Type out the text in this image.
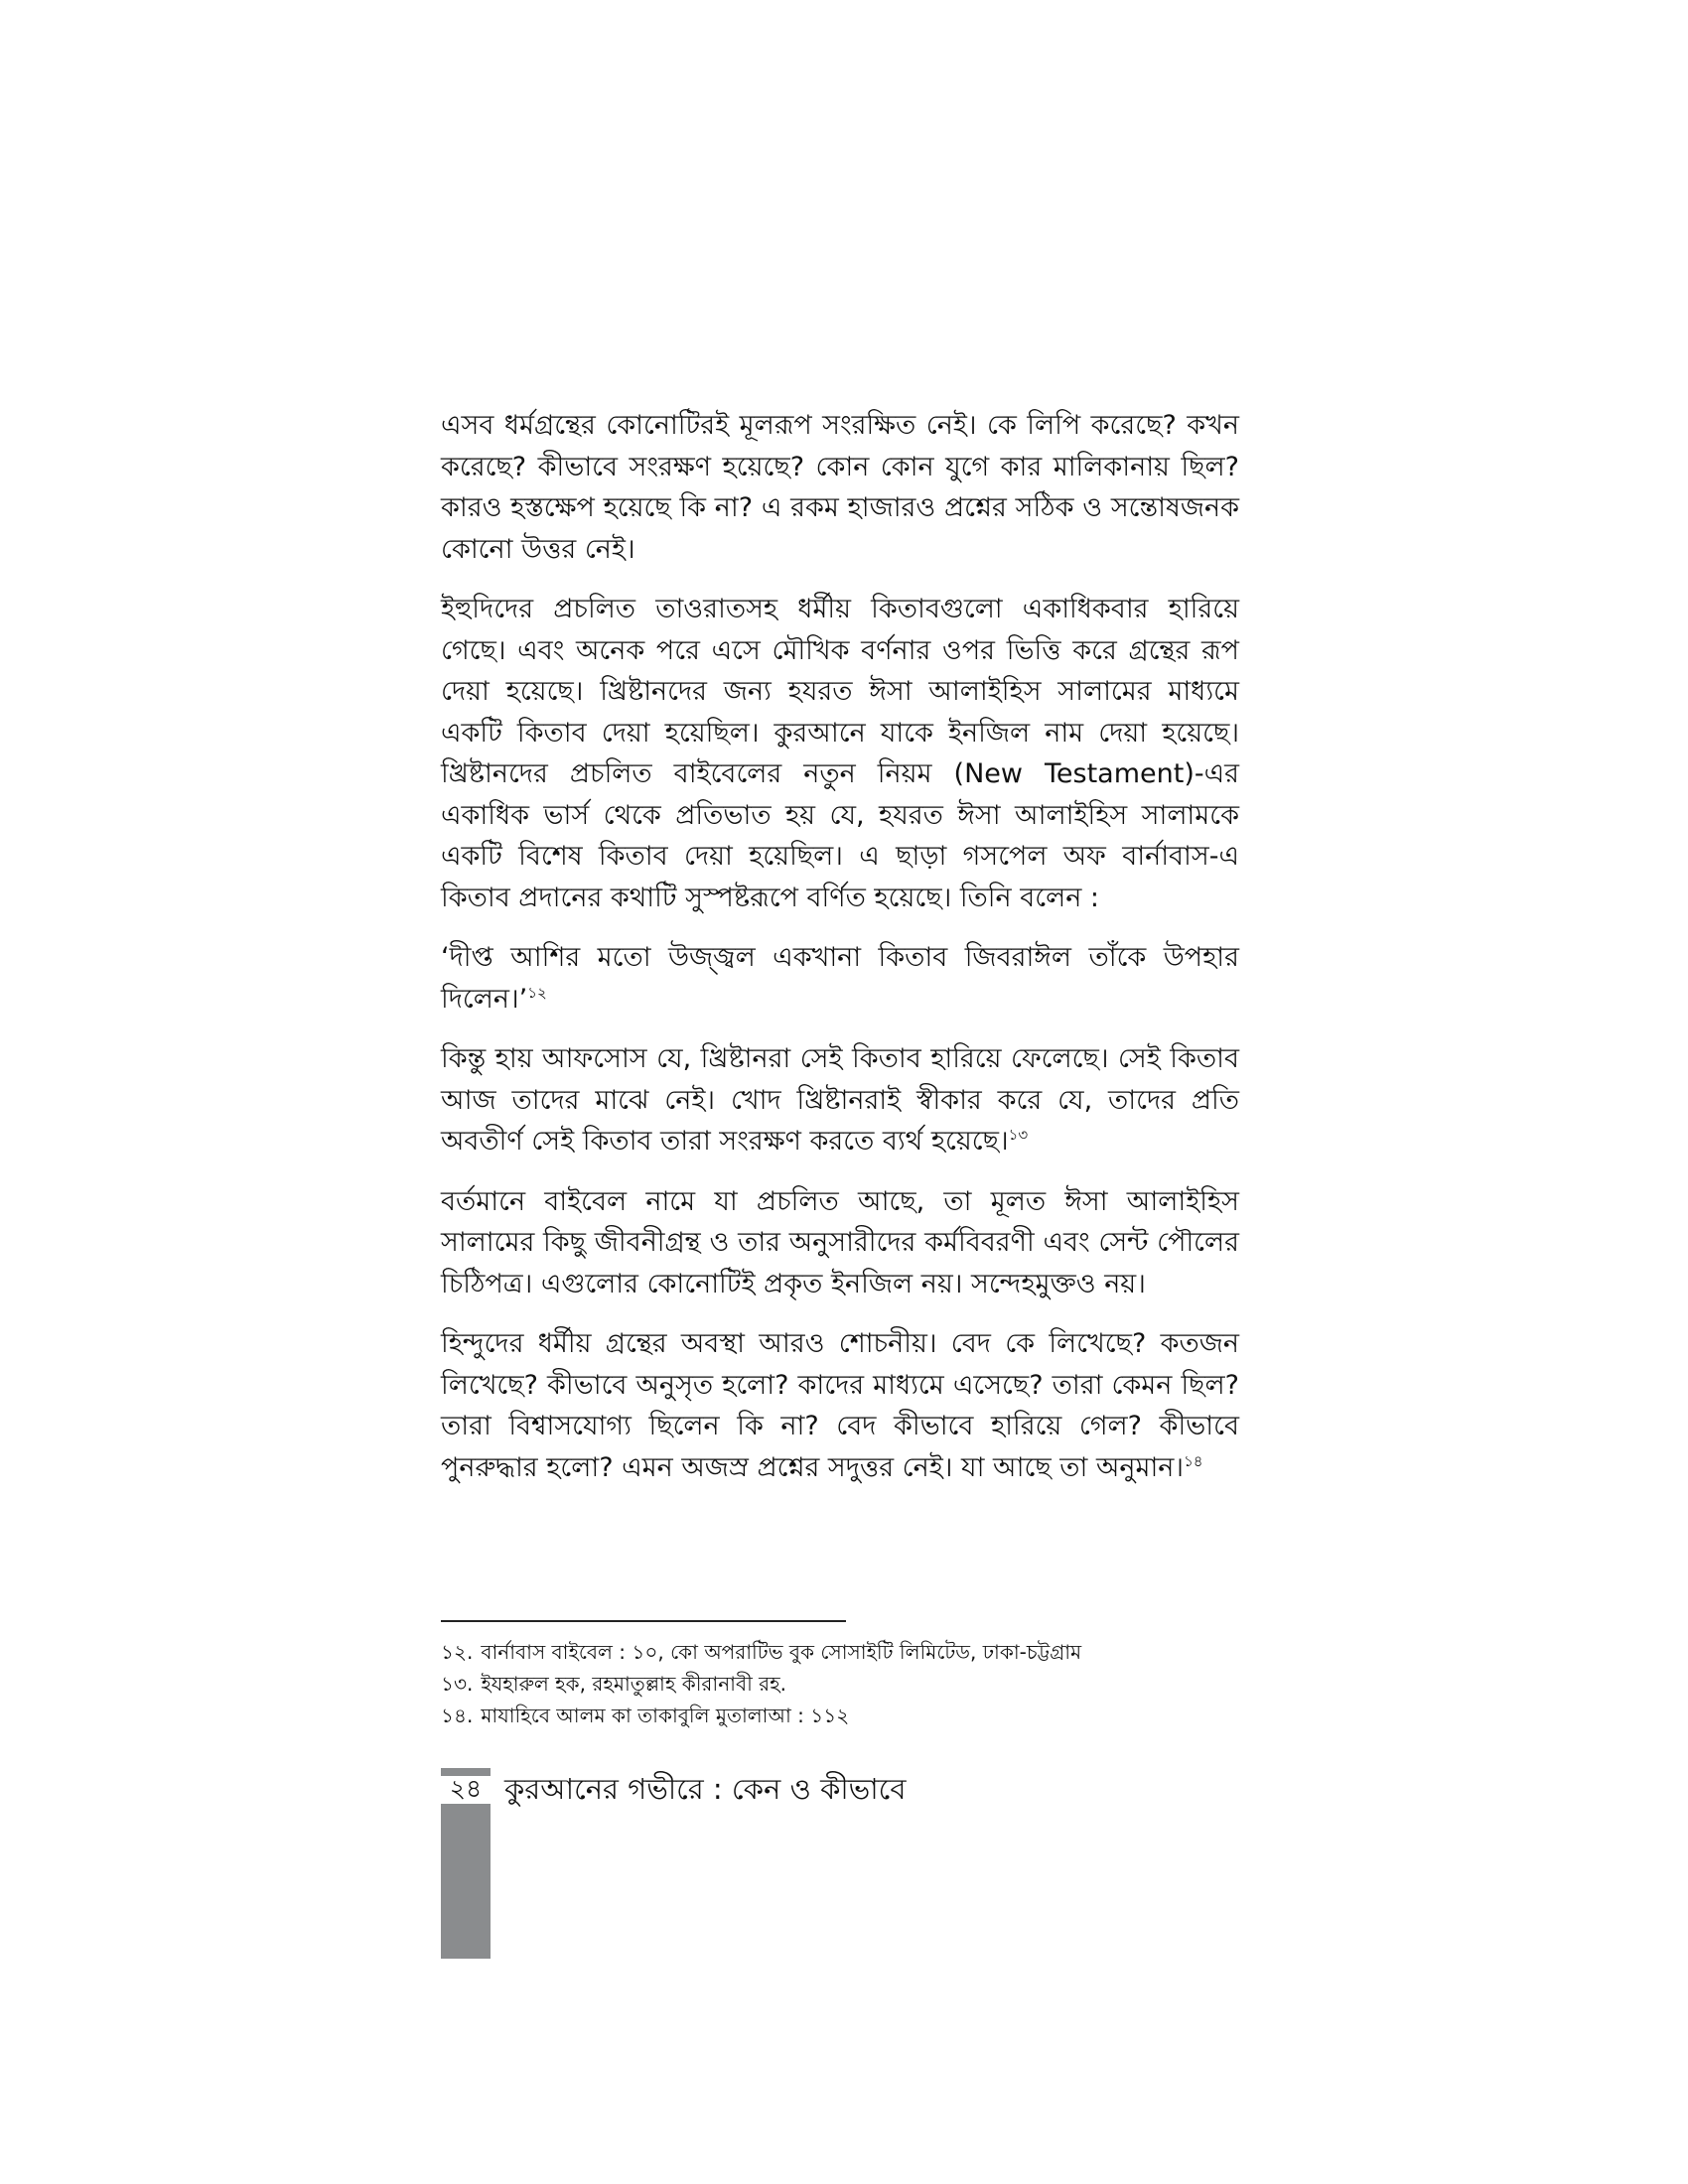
এসব ধর্মগ্রন্থের কোনোটিরই মূলরূপ সংরক্ষিত নেই। কে লিপি করেছে? কখন করেছে? কীভাবে সংরক্ষণ হয়েছে? কোন কোন যুগে কার মালিকানায় ছিল? কারও হস্তক্ষেপ হয়েছে কি না? এ রকম হাজারও প্রশ্নের সঠিক ও সন্তোষজনক কোনো উত্তর নেই।

ইহুদিদের প্রচলিত তাওরাতসহ ধর্মীয় কিতাবগুলো একাধিকবার হারিয়ে গেছে। এবং অনেক পরে এসে মৌখিক বর্ণনার ওপর ভিত্তি করে গ্রন্থের রূপ দেয়া হয়েছে। খ্রিষ্টানদের জন্য হযরত ঈসা আলাইহিস সালামের মাধ্যমে একটি কিতাব দেয়া হয়েছিল। কুরআনে যাকে ইনজিল নাম দেয়া হয়েছে। খ্রিষ্টানদের প্রচলিত বাইবেলের নতুন নিয়ম (New Testament)-এর একাধিক ভার্স থেকে প্রতিভাত হয় যে, হযরত ঈসা আলাইহিস সালামকে একটি বিশেষ কিতাব দেয়া হয়েছিল। এ ছাড়া গসপেল অফ বার্নাবাস-এ কিতাব প্রদানের কথাটি সুস্পষ্টরূপে বর্ণিত হয়েছে। তিনি বলেন :

‘দীপ্ত আশির মতো উজ্জ্বল একখানা কিতাব জিবরাঈল তাঁকে উপহার দিলেন।’$^{১২}$

কিন্তু হায় আফসোস যে, খ্রিষ্টানরা সেই কিতাব হারিয়ে ফেলেছে। সেই কিতাব আজ তাদের মাঝে নেই। খোদ খ্রিষ্টানরাই স্বীকার করে যে, তাদের প্রতি অবতীর্ণ সেই কিতাব তারা সংরক্ষণ করতে ব্যর্থ হয়েছে।$^{১৩}$

বর্তমানে বাইবেল নামে যা প্রচলিত আছে, তা মূলত ঈসা আলাইহিস সালামের কিছু জীবনীগ্রন্থ ও তার অনুসারীদের কর্মবিবরণী এবং সেন্ট পৌলের চিঠিপত্র। এগুলোর কোনোটিই প্রকৃত ইনজিল নয়। সন্দেহমুক্তও নয়।

হিন্দুদের ধর্মীয় গ্রন্থের অবস্থা আরও শোচনীয়। বেদ কে লিখেছে? কতজন লিখেছে? কীভাবে অনুসৃত হলো? কাদের মাধ্যমে এসেছে? তারা কেমন ছিল? তারা বিশ্বাসযোগ্য ছিলেন কি না? বেদ কীভাবে হারিয়ে গেল? কীভাবে পুনরুদ্ধার হলো? এমন অজস্র প্রশ্নের সদুত্তর নেই। যা আছে তা অনুমান।$^{১৪}$

১২. বার্নাবাস বাইবেল : ১০, কো অপরাটিভ বুক সোসাইটি লিমিটেড, ঢাকা-চট্টগ্রাম

১৩. ইযহারুল হক, রহমাতুল্লাহ কীরানাবী রহ.

১৪. মাযাহিবে আলম কা তাকাবুলি মুতালাআ : ১১২

২৪ কুরআনের গভীরে : কেন ও কীভাবে
